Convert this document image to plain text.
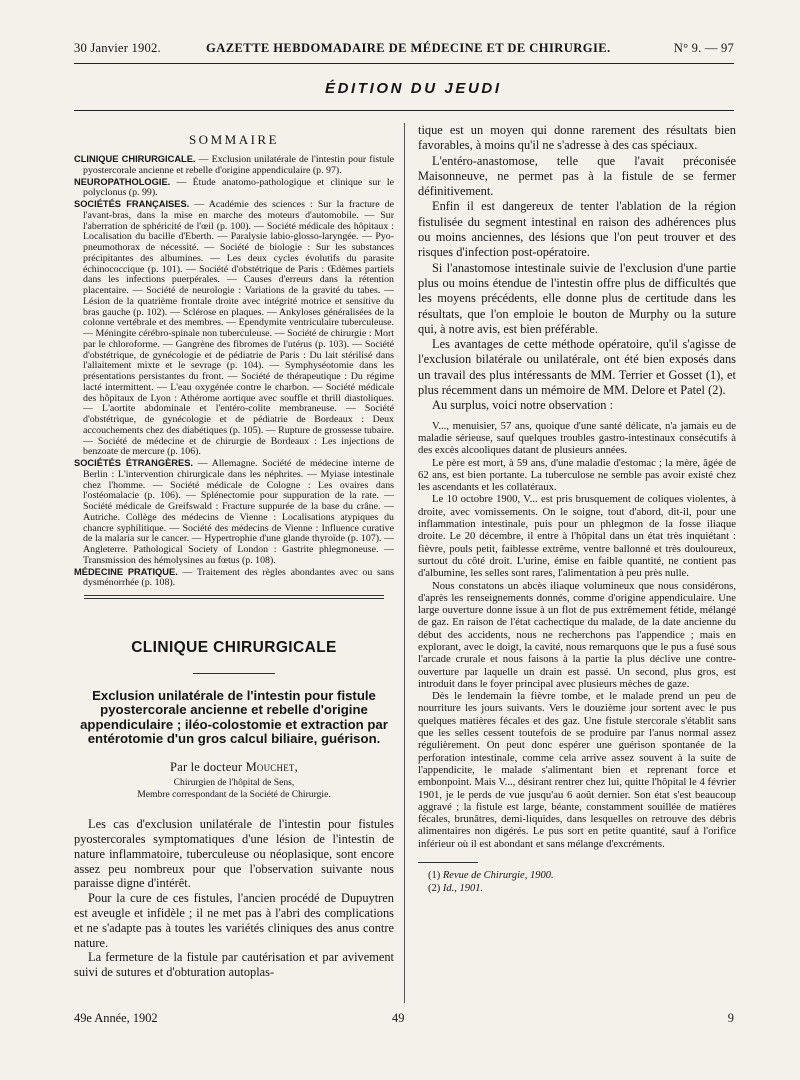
30 Janvier 1902.	GAZETTE HEBDOMADAIRE DE MÉDECINE ET DE CHIRURGIE.	N° 9. — 97
ÉDITION DU JEUDI
SOMMAIRE

CLINIQUE CHIRURGICALE. — Exclusion unilatérale de l'intestin pour fistule pyostercorale ancienne et rebelle d'origine appendiculaire (p. 97).

NEUROPATHOLOGIE. — Étude anatomo-pathologique et clinique sur le polyclonus (p. 99).

SOCIÉTÉS FRANÇAISES. — Académie des sciences : Sur la fracture de l'avant-bras, dans la mise en marche des moteurs d'automobile. — Sur l'aberration de sphéricité de l'œil (p. 100). — Société médicale des hôpitaux : Localisation du bacille d'Eberth. — Paralysie labio-glosso-laryngée. — Pyo-pneumothorax de nécessité. — Société de biologie : Sur les substances précipitantes des albumines. — Les deux cycles évolutifs du parasite échinococcique (p. 101). — Société d'obstétrique de Paris : Œdèmes partiels dans les infections puerpérales. — Causes d'erreurs dans la rétention placentaire. — Société de neurologie : Variations de la gravité du tabes. — Lésion de la quatrième frontale droite avec intégrité motrice et sensitive du bras gauche (p. 102). — Sclérose en plaques. — Ankyloses généralisées de la colonne vertébrale et des membres. — Ependymite ventriculaire tuberculeuse. — Méningite cérébro-spinale non tuberculeuse. — Société de chirurgie : Mort par le chloroforme. — Gangrène des fibromes de l'utérus (p. 103). — Société d'obstétrique, de gynécologie et de pédiatrie de Paris : Du lait stérilisé dans l'allaitement mixte et le sevrage (p. 104). — Symphyséotomie dans les présentations persistantes du front. — Société de thérapeutique : Du régime lacté intermittent. — L'eau oxygénée contre le charbon. — Société médicale des hôpitaux de Lyon : Athérome aortique avec souffle et thrill diastoliques. — L'aortite abdominale et l'entéro-colite membraneuse. — Société d'obstétrique, de gynécologie et de pédiatrie de Bordeaux : Deux accouchements chez des diabétiques (p. 105). — Rupture de grossesse tubaire. — Société de médecine et de chirurgie de Bordeaux : Les injections de benzoate de mercure (p. 106).

SOCIÉTÉS ÉTRANGÈRES. — Allemagne. Société de médecine interne de Berlin : L'intervention chirurgicale dans les néphrites. — Myiase intestinale chez l'homme. — Société médicale de Cologne : Les ovaires dans l'ostéomalacie (p. 106). — Splénectomie pour suppuration de la rate. — Société médicale de Greifswald : Fracture suppurée de la base du crâne. — Autriche. Collège des médecins de Vienne : Localisations atypiques du chancre syphilitique. — Société des médecins de Vienne : Influence curative de la malaria sur le cancer. — Hypertrophie d'une glande thyroïde (p. 107). — Angleterre. Pathological Society of London : Gastrite phlegmoneuse. — Transmission des hémolysines au fœtus (p. 108).

MÉDECINE PRATIQUE. — Traitement des règles abondantes avec ou sans dysménorrhée (p. 108).

CLINIQUE CHIRURGICALE
Exclusion unilatérale de l'intestin pour fistule pyostercorale ancienne et rebelle d'origine appendiculaire ; iléo-colostomie et extraction par entérotomie d'un gros calcul biliaire, guérison.
Par le docteur Mouchet,
Chirurgien de l'hôpital de Sens,
Membre correspondant de la Société de Chirurgie.

Les cas d'exclusion unilatérale de l'intestin pour fistules pyostercorales symptomatiques d'une lésion de l'intestin de nature inflammatoire, tuberculeuse ou néoplasique, sont encore assez peu nombreux pour que l'observation suivante nous paraisse digne d'intérêt.

Pour la cure de ces fistules, l'ancien procédé de Dupuytren est aveugle et infidèle ; il ne met pas à l'abri des complications et ne s'adapte pas à toutes les variétés cliniques des anus contre nature.

La fermeture de la fistule par cautérisation et par avivement suivi de sutures et d'obturation autoplas-

tique est un moyen qui donne rarement des résultats bien favorables, à moins qu'il ne s'adresse à des cas spéciaux.

L'entéro-anastomose, telle que l'avait préconisée Maisonneuve, ne permet pas à la fistule de se fermer définitivement.

Enfin il est dangereux de tenter l'ablation de la région fistulisée du segment intestinal en raison des adhérences plus ou moins anciennes, des lésions que l'on peut trouver et des risques d'infection post-opératoire.

Si l'anastomose intestinale suivie de l'exclusion d'une partie plus ou moins étendue de l'intestin offre plus de difficultés que les moyens précédents, elle donne plus de certitude dans les résultats, que l'on emploie le bouton de Murphy ou la suture qui, à notre avis, est bien préférable.

Les avantages de cette méthode opératoire, qu'il s'agisse de l'exclusion bilatérale ou unilatérale, ont été bien exposés dans un travail des plus intéressants de MM. Terrier et Gosset (1), et plus récemment dans un mémoire de MM. Delore et Patel (2).

Au surplus, voici notre observation :

V..., menuisier, 57 ans, quoique d'une santé délicate, n'a jamais eu de maladie sérieuse, sauf quelques troubles gastro-intestinaux consécutifs à des excès alcooliques datant de plusieurs années.

Le père est mort, à 59 ans, d'une maladie d'estomac ; la mère, âgée de 62 ans, est bien portante. La tuberculose ne semble pas avoir existé chez les ascendants et les collatéraux.

Le 10 octobre 1900, V... est pris brusquement de coliques violentes, à droite, avec vomissements. On le soigne, tout d'abord, dit-il, pour une inflammation intestinale, puis pour un phlegmon de la fosse iliaque droite. Le 20 décembre, il entre à l'hôpital dans un état très inquiétant : fièvre, pouls petit, faiblesse extrême, ventre ballonné et très douloureux, surtout du côté droit. L'urine, émise en faible quantité, ne contient pas d'albumine, les selles sont rares, l'alimentation à peu près nulle.

Nous constatons un abcès iliaque volumineux que nous considérons, d'après les renseignements donnés, comme d'origine appendiculaire. Une large ouverture donne issue à un flot de pus extrêmement fétide, mélangé de gaz. En raison de l'état cachectique du malade, de la date ancienne du début des accidents, nous ne recherchons pas l'appendice ; mais en explorant, avec le doigt, la cavité, nous remarquons que le pus a fusé sous l'arcade crurale et nous faisons à la partie la plus déclive une contre-ouverture par laquelle un drain est passé. Un second, plus gros, est introduit dans le foyer principal avec plusieurs mèches de gaze.

Dès le lendemain la fièvre tombe, et le malade prend un peu de nourriture les jours suivants. Vers le douzième jour sortent avec le pus quelques matières fécales et des gaz. Une fistule stercorale s'établit sans que les selles cessent toutefois de se produire par l'anus normal assez régulièrement. On peut donc espérer une guérison spontanée de la perforation intestinale, comme cela arrive assez souvent à la suite de l'appendicite, le malade s'alimentant bien et reprenant force et embonpoint. Mais V..., désirant rentrer chez lui, quitte l'hôpital le 4 février 1901, je le perds de vue jusqu'au 6 août dernier. Son état s'est beaucoup aggravé ; la fistule est large, béante, constamment souillée de matières fécales, brunâtres, demi-liquides, dans lesquelles on retrouve des débris alimentaires non digérés. Le pus sort en petite quantité, sauf à l'orifice inférieur où il est abondant et sans mélange d'excréments.

(1) Revue de Chirurgie, 1900.

(2) Id., 1901.

49e Année, 1902	49	9
